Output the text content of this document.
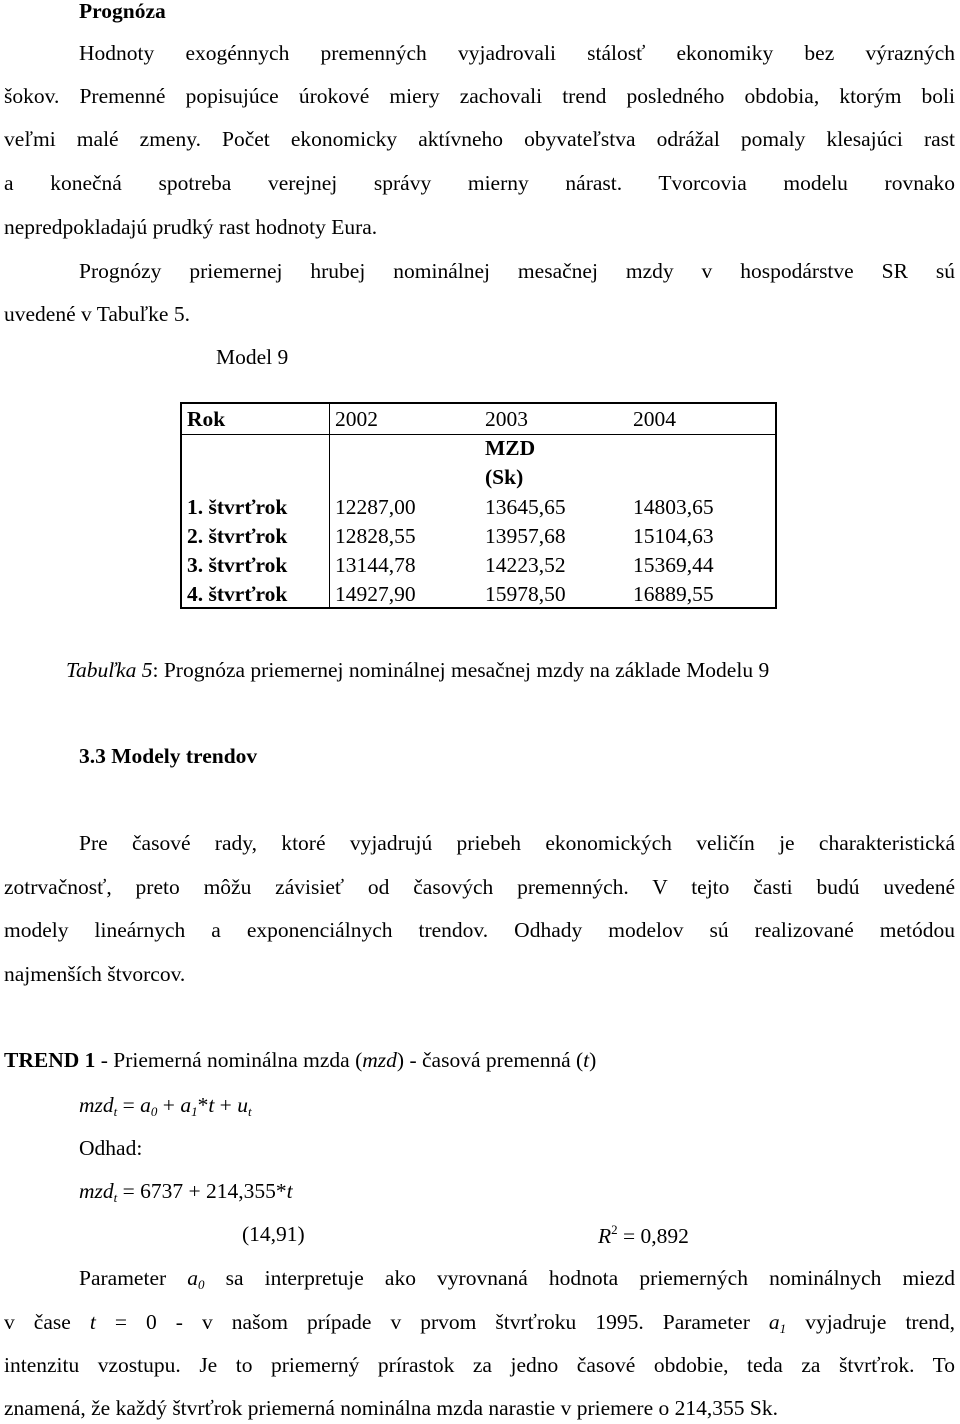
Prognóza
Hodnoty exogénnych premenných vyjadrovali stálosť ekonomiky bez výrazných
šokov. Premenné popisujúce úrokové miery zachovali trend posledného obdobia, ktorým boli
veľmi malé zmeny. Počet ekonomicky aktívneho obyvateľstva odrážal pomaly klesajúci rast
a konečná spotreba verejnej správy mierny nárast. Tvorcovia modelu rovnako
nepredpokladajú prudký rast hodnoty Eura.
Prognózy priemernej hrubej nominálnej mesačnej mzdy v hospodárstve SR sú
uvedené v Tabuľke 5.
Model 9
Rok	2002	2003	2004
MZD
(Sk)
1. štvrťrok 12287,00	13645,65	14803,65
2. štvrťrok 12828,55	13957,68	15104,63
3. štvrťrok 13144,78	14223,52	15369,44
4. štvrťrok 14927,90	15978,50	16889,55
Tabuľka 5: Prognóza priemernej nominálnej mesačnej mzdy na základe Modelu 9
3.3 Modely trendov
Pre časové rady, ktoré vyjadrujú priebeh ekonomických veličín je charakteristická
zotrvačnosť, preto môžu závisieť od časových premenných. V tejto časti budú uvedené
modely lineárnych a exponenciálnych trendov. Odhady modelov sú realizované metódou
najmenších štvorcov.
TREND 1 - Priemerná nominálna mzda (mzd) - časová premenná (t)
$mzd_t = a_0 + a_1*t + u_t$
Odhad:
mzd$_t$ = 6737 + 214,355*t
(14,91)	$R^2 = 0,892$
Parameter $a_0$ sa interpretuje ako vyrovnaná hodnota priemerných nominálnych miezd
v čase t = 0 - v našom prípade v prvom štvrťroku 1995. Parameter $a_1$ vyjadruje trend,
intenzitu vzostupu. Je to priemerný prírastok za jedno časové obdobie, teda za štvrťrok. To
znamená, že každý štvrťrok priemerná nominálna mzda narastie v priemere o 214,355 Sk.
